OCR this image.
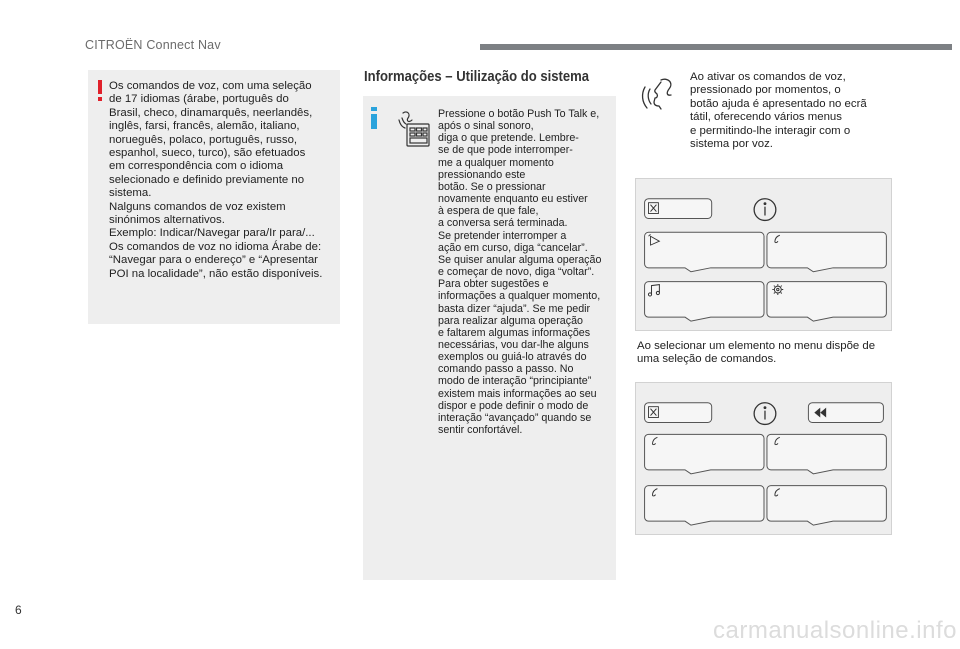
CITROËN Connect Nav

Os comandos de voz, com uma seleção

de 17 idiomas (árabe, português do

Brasil, checo, dinamarquês, neerlandês,

inglês, farsi, francês, alemão, italiano,

norueguês, polaco, português, russo,

espanhol, sueco, turco), são efetuados

em correspondência com o idioma

selecionado e definido previamente no

sistema.

Nalguns comandos de voz existem

sinónimos alternativos.

Exemplo: Indicar/Navegar para/Ir para/...

Os comandos de voz no idioma Árabe de:

“Navegar para o endereço” e “Apresentar

POI na localidade”, não estão disponíveis.

Informações – Utilização do sistema

Pressione o botão Push To Talk e,

após o sinal sonoro,

diga o que pretende. Lembre-

se de que pode interromper-

me a qualquer momento

pressionando este

botão. Se o pressionar

novamente enquanto eu estiver

à espera de que fale,

a conversa será terminada.

Se pretender interromper a

ação em curso, diga “cancelar”.

Se quiser anular alguma operação

e começar de novo, diga “voltar”.

Para obter sugestões e

informações a qualquer momento,

basta dizer “ajuda”. Se me pedir

para realizar alguma operação

e faltarem algumas informações

necessárias, vou dar-lhe alguns

exemplos ou guiá-lo através do

comando passo a passo. No

modo de interação “principiante”

existem mais informações ao seu

dispor e pode definir o modo de

interação “avançado” quando se

sentir confortável.

Ao ativar os comandos de voz,

pressionado por momentos, o

botão ajuda é apresentado no ecrã

tátil, oferecendo vários menus

e permitindo-lhe interagir com o

sistema por voz.

Ao selecionar um elemento no menu dispõe de

uma seleção de comandos.

6
carmanualsonline.info
